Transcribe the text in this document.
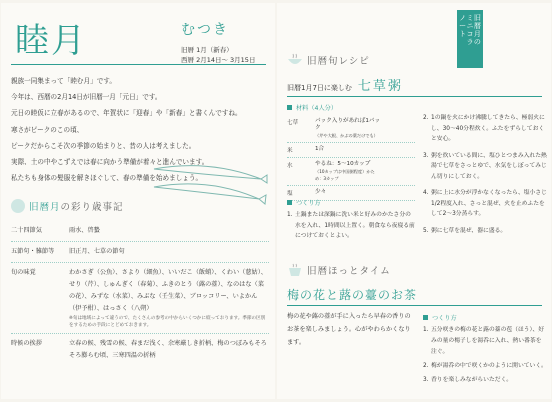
睦月	むつき
旧暦 1月（新春）
西暦 2月14日〜 3月15日
親族一同集まって「睦む月」です。
今年は、西暦の2月14日が旧暦一月「元日」です。
元日の睦仮に立春があるので、年賀状に「迎春」や「新春」と書くんですね。
寒さがピークのこの頃、
ピークだからこそ次の季節の始まりと、昔の人は考えました。
実際、土の中やこずえでは春に向かう準備が着々と進んでいます。
私たちも身体の髪服を解きほぐして、春の準備を始めましょう。
旧暦月の彩り歳事記
二十四節気	雨水、啓蟄
五節句・雑節等	旧正月、七草の節句
旬の味覚	わかさぎ（公魚）、さより（細魚）、いいだこ（飯蛸）、くわい（慈姑）、せり（芹）、しゅんぎく（春菊）、ふきのとう（蕗の薹）、なのはな（菜の花）、みずな（水菜）、みぶな（壬生菜）、ブロッコリー、いよかん（伊予柑）、はっさく（八朔）
※旬は地域によって違うので、たくさんの参考の中からいくつかに絞っております。季節の区別をするための手段にとどめておきます。
時候の挨拶	立春の候、残雪の候、春まだ浅く、余寒厳しき折柄、梅のつぼみもそろそろ膨らむ頃、三寒四温の折柄
ノ ミ 旧
ー ニ 暦
ト コ 月
ラ の
旧暦旬レシピ
旧暦1月7日に楽しむ 七草粥
材料（4人分）
七草	パック入りがあれば1パック
（芹や大根、かぶの葉だけでも）
米	1合
水	やるね：5〜10カップ
（10カップは中国粥程度）かため：3カップ
塩	少々
つくり方
1. 土鍋または深鍋に洗い米と好みのかたさ分の水を入れ、1時間以上置く。朝食なら夜寝る前につけておくとよい。
2. 1の鍋を火にかけ沸騰してきたら、極弱火にし、30〜40分程炊く。ふたをずらしておくと安心。
3. 粥を炊いている間に、塩ひとつまみ入れた熱湯で七草をさっとゆで、水気をしぼってみじん切りにしておく。
4. 粥に上に水分が浮かなくなったら、塩小さじ1/2程度入れ、さっと混ぜ、火を止めふたをして2〜3分蒸らす。
5. 粥に七草を混ぜ、器に盛る。
旧暦ほっとタイム
梅の花と蕗の薹のお茶
梅の花や蕗の薹が手に入ったら早春の香りのお茶を楽しみましょう。心がやわらかくなります。
つくり方
1. 五分咲きの梅の花と蕗の薹の苞（ほう）、好みの量の楊子しを湯呑に入れ、熱い番茶を注ぐ。
2. 梅が湯呑の中で咲くかのように開いていく。
3. 香りを楽しみながらいただく。
